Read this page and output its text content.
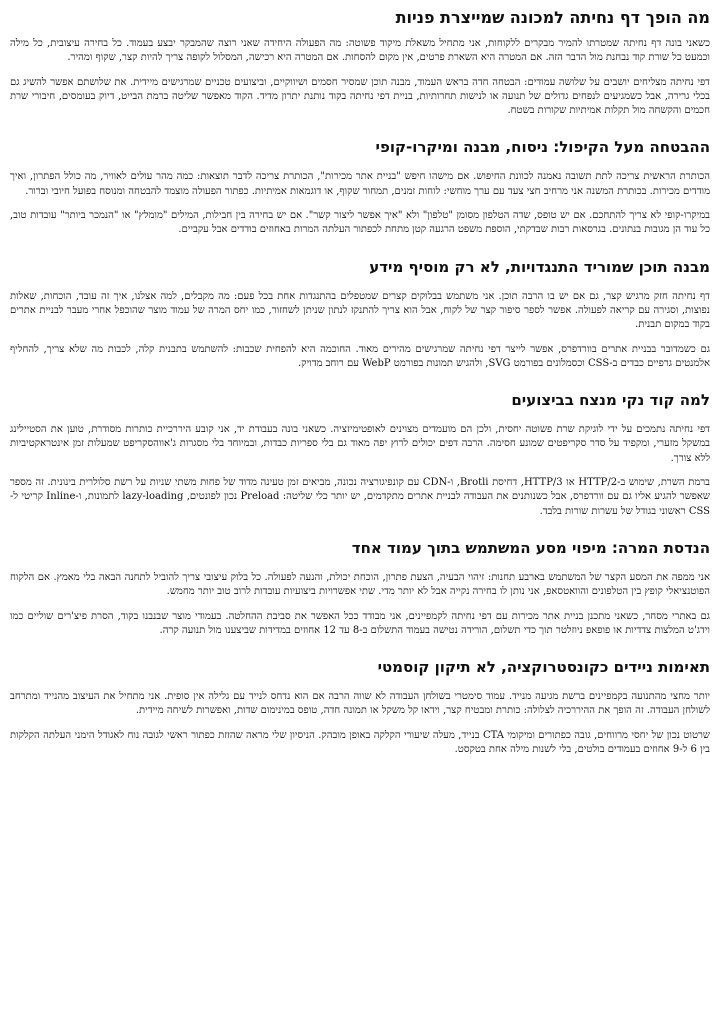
מה הופך דף נחיתה למכונה שמייצרת פניות

כשאני בונה דף נחיתה שמטרתו להמיר מבקרים ללקוחות, אני מתחיל משאלת מיקוד פשוטה: מה הפעולה היחידה שאני רוצה שהמבקר יבצע בעמוד. כל בחירה עיצובית, כל מילה וכמעט כל שורת קוד נבחנת מול הדבר הזה. אם המטרה היא השארת פרטים, אין מקום להסחות. אם המטרה היא רכישה, המסלול לקופה צריך להיות קצר, שקוף ומהיר.

דפי נחיתה מצליחים יושבים על שלושה עמודים: הבטחה חדה בראש העמוד, מבנה תוכן שמסיר חסמים ושיווקיים, וביצועים טכניים שמרגישים מיידית. את שלושתם אפשר להשיג גם בכלי גרירה, אבל כשמגיעים לנפחים גדולים של תנועה או לנישות תחרותיות, בניית דפי נחיתה בקוד נותנת יתרון מדיד. הקוד מאפשר שליטה ברמת הבייט, דיוק בעומסים, חיבורי שרת חכמים והקשחה מול תקלות אמיתיות שקורות בשטח.

ההבטחה מעל הקיפול: ניסוח, מבנה ומיקרו-קופי

הכותרת הראשית צריכה לתת תשובה נאמנה לכוונת החיפוש. אם מישהו חיפש "בניית אתר מכירות", הכותרת צריכה לדבר תוצאות: כמה מהר עולים לאוויר, מה כולל הפתרון, ואיך מודדים מכירות. בכותרת המשנה אני מרחיב חצי צעד עם ערך מוחשי: לוחות זמנים, תמחור שקוף, או דוגמאות אמיתיות. כפתור הפעולה מוצמד להבטחה ומנוסח בפועל חיובי וברור.

במיקרו-קופי לא צריך להתחכם. אם יש טופס, שדה הטלפון מסומן "טלפון" ולא "איך אפשר ליצור קשר". אם יש בחירה בין חבילות, המילים "מומלץ" או "הנמכר ביותר" עובדות טוב, כל עוד הן מגובות בנתונים. בגרסאות רבות שבדקתי, הוספת משפט הרגעה קטן מתחת לכפתור העלתה המרות באחוזים בודדים אבל עקביים.

מבנה תוכן שמוריד התנגדויות, לא רק מוסיף מידע

דף נחיתה חזק מרגיש קצר, גם אם יש בו הרבה תוכן. אני משתמש בבלוקים קצרים שמטפלים בהתנגדות אחת בכל פעם: מה מקבלים, למה אצלנו, איך זה עובד, הוכחות, שאלות נפוצות, וסגירה עם קריאה לפעולה. אפשר לספר סיפור קצר של לקוח, אבל הוא צריך להתנקז לנתון שניתן לשחזור, כמו יחס המרה של עמוד מוצר שהוכפל אחרי מעבר לבניית אתרים בקוד במקום תבנית.

גם כשמדובר בבניית אתרים בוורדפרס, אפשר לייצר דפי נחיתה שמרגישים מהירים מאוד. החוכמה היא להפחית שכבות: להשתמש בתבנית קלה, לכבות מה שלא צריך, להחליף אלמנטים גרפיים כבדים ב-CSS וכסמלונים בפורמט SVG, ולהגיש תמונות בפורמט WebP עם רוחב מדויק.

למה קוד נקי מנצח בביצועים

דפי נחיתה נתמכים על ידי לוגיקת שרת פשוטה יחסית, ולכן הם מועמדים מצוינים לאופטימיזציה. כשאני בונה בעבודת יד, אני קובע היררכיית כותרות מסודרת, טוען את הסטיילינג במשקל מזערי, ומקפיד על סדר סקריפטים שמונע חסימה. הרבה דפים יכולים לרוץ יפה מאוד גם בלי ספריות כבדות, ובמיוחד בלי מסגרות ג'אווהסקריפט שמעלות זמן אינטראקטיביות ללא צורך.

ברמת השרת, שימוש ב-HTTP/2 או HTTP/3, דחיסת Brotli, ו-CDN עם קונפיגורציה נכונה, מביאים זמן טעינה מדוד של פחות משתי שניות על רשת סלולרית בינונית. זה מספר שאפשר להגיע אליו גם עם וורדפרס, אבל כשנותנים את העבודה לבניית אתרים מתקדמים, יש יותר כלי שליטה: Preload נכון לפונטים, lazy-loading לתמונות, ו-Inline קריטי ל-CSS ראשוני בגודל של עשרות שורות בלבד.

הנדסת המרה: מיפוי מסע המשתמש בתוך עמוד אחד

אני ממפה את המסע הקצר של המשתמש בארבע תחנות: זיהוי הבעיה, הצעת פתרון, הוכחת יכולת, והנעה לפעולה. כל בלוק עיצובי צריך להוביל לתחנה הבאה בלי מאמץ. אם הלקוח הפוטנציאלי קופץ בין הטלפונים והוואטסאפ, אני נותן לו בחירה נקייה אבל לא יותר מדי. שתי אפשרויות ביצועיות עובדות לרוב טוב יותר מחמש.

גם באתרי מסחר, כשאני מתכנן בניית אתר מכירות עם דפי נחיתה לקמפיינים, אני מבודד ככל האפשר את סביבת ההחלטה. בעמודי מוצר שבנבנו בקוד, הסרת פיצ'רים שוליים כמו וידג'ט המלצות צדדיות או פופאפ ניוזלטר תוך כדי תשלום, הורידה נטישה בעמוד התשלום ב-8 עד 12 אחוזים במדידות שביצענו מול תנועה קרה.

תאימות ניידים כקונסטרוקציה, לא תיקון קוסמטי

יותר מחצי מהתנועה בקמפיינים ברשת מגיעה מנייד. עמוד סימטרי בשולחן העבודה לא שווה הרבה אם הוא נדחס לנייד עם גלילה אין סופית. אני מתחיל את העיצוב מהנייד ומתרחב לשולחן העבודה. זה הופך את ההיררכיה לצלולה: כותרת ומבטיח קצר, וידאו קל משקל או תמונה חדה, טופס במינימום שדות, ואפשרות לשיחה מיידית.

שרטוט נכון של יחסי מרווחים, גובה כפתורים ומיקומי CTA בנייד, מעלה שיעורי הקלקה באופן מובהק. הניסיון שלי מראה שהזזת כפתור ראשי לגובה נוח לאגודל הימני העלתה הקלקות בין 6 ל-9 אחוזים בעמודים בולטים, בלי לשנות מילה אחת בטקסט.
